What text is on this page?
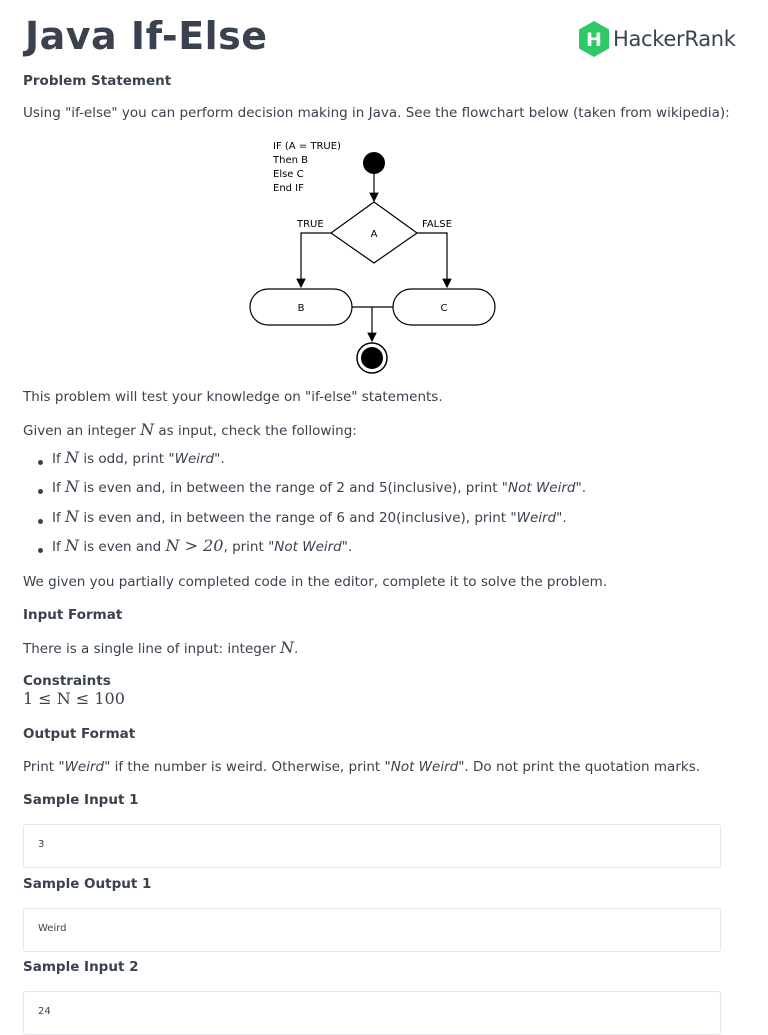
Java If-Else	H HackerRank
Problem Statement

Using "if-else" you can perform decision making in Java. See the flowchart below (taken from wikipedia):

IF (A = TRUE)
Then B
Else C
End IF
A
TRUE	FALSE
B	C

This problem will test your knowledge on "if-else" statements.

Given an integer N as input, check the following:

If N is odd, print "Weird".
If N is even and, in between the range of 2 and 5(inclusive), print "Not Weird".
If N is even and, in between the range of 6 and 20(inclusive), print "Weird".
If N is even and N > 20, print "Not Weird".

We given you partially completed code in the editor, complete it to solve the problem.

Input Format

There is a single line of input: integer N.

Constraints

1 ≤ N ≤ 100

Output Format

Print "Weird" if the number is weird. Otherwise, print "Not Weird". Do not print the quotation marks.

Sample Input 1
3
Sample Output 1
Weird
Sample Input 2
24
